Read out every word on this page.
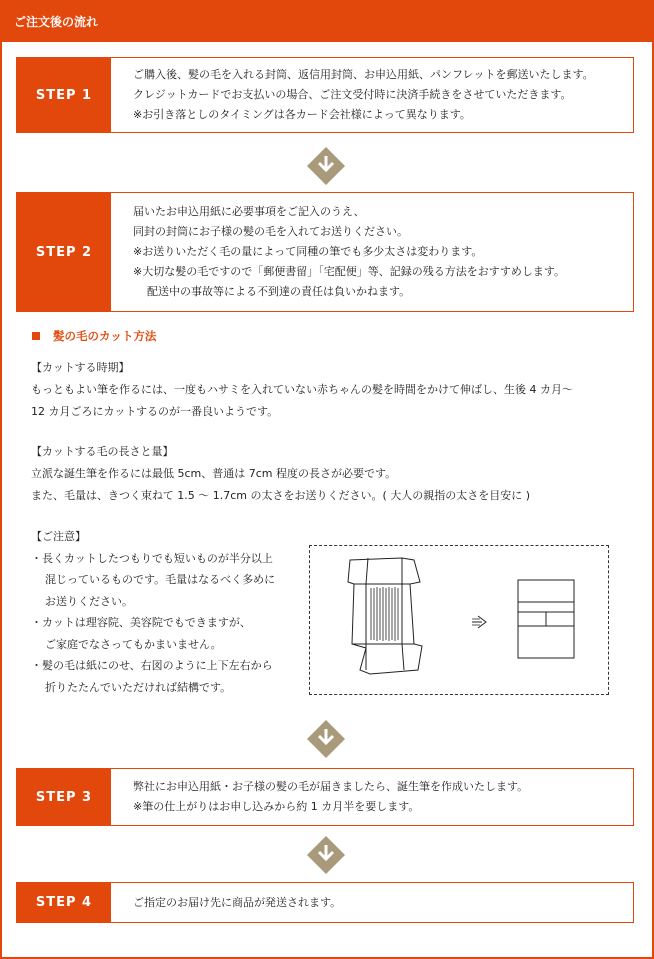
ご注文後の流れ
STEP 1
ご購入後、髪の毛を入れる封筒、返信用封筒、お申込用紙、パンフレットを郵送いたします。
クレジットカードでお支払いの場合、ご注文受付時に決済手続きをさせていただきます。
※お引き落としのタイミングは各カード会社様によって異なります。
STEP 2
届いたお申込用紙に必要事項をご記入のうえ、
同封の封筒にお子様の髪の毛を入れてお送りください。
※お送りいただく毛の量によって同種の筆でも多少太さは変わります。
※大切な髪の毛ですので「郵便書留」「宅配便」等、記録の残る方法をおすすめします。
配送中の事故等による不到達の責任は負いかねます。
髪の毛のカット方法
【カットする時期】
もっともよい筆を作るには、一度もハサミを入れていない赤ちゃんの髪を時間をかけて伸ばし、生後 4 カ月〜
12 カ月ごろにカットするのが一番良いようです。
【カットする毛の長さと量】
立派な誕生筆を作るには最低 5cm、普通は 7cm 程度の長さが必要です。
また、毛量は、きつく束ねて 1.5 〜 1.7cm の太さをお送りください。( 大人の親指の太さを目安に )
【ご注意】
・長くカットしたつもりでも短いものが半分以上
混じっているものです。毛量はなるべく多めに
お送りください。
・カットは理容院、美容院でもできますが、
ご家庭でなさってもかまいません。
・髪の毛は紙にのせ、右図のように上下左右から
折りたたんでいただければ結構です。
STEP 3
弊社にお申込用紙・お子様の髪の毛が届きましたら、誕生筆を作成いたします。
※筆の仕上がりはお申し込みから約 1 カ月半を要します。
STEP 4	ご指定のお届け先に商品が発送されます。
